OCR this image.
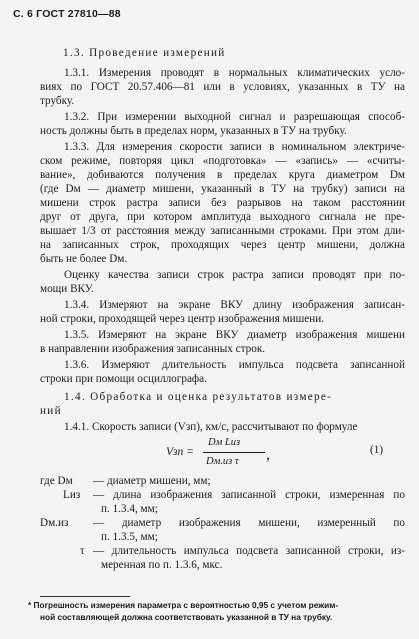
С. 6 ГОСТ 27810—88
1.3. Проведение измерений
1.3.1. Измерения проводят в нормальных климатических усло-
виях по ГОСТ 20.57.406—81 или в условиях, указанных в ТУ на
трубку.
1.3.2. При измерении выходной сигнал и разрешающая способ-
ность должны быть в пределах норм, указанных в ТУ на трубку.
1.3.3. Для измерения скорости записи в номинальном электриче-
ском режиме, повторяя цикл «подготовка» — «запись» — «считы-
вание», добиваются получения в пределах круга диаметром Dм
(где Dм — диаметр мишени, указанный в ТУ на трубку) записи на
мишени строк растра записи без разрывов на таком расстоянии
друг от друга, при котором амплитуда выходного сигнала не пре-
вышает 1/3 от расстояния между записанными строками. При этом дли-
на записанных строк, проходящих через центр мишени, должна
быть не более Dм.
Оценку качества записи строк растра записи проводят при по-
мощи ВКУ.
1.3.4. Измеряют на экране ВКУ длину изображения записан-
ной строки, проходящей через центр изображения мишени.
1.3.5. Измеряют на экране ВКУ диаметр изображения мишени
в направлении изображения записанных строк.
1.3.6. Измеряют длительность импульса подсвета записанной
строки при помощи осциллографа.
1.4. Обработка и оценка результатов измере-
ний
1.4.1. Скорость записи (Vзп), км/с, рассчитывают по формуле
Vзп =
Dм Lиз
Dм.из τ ,	(1)
где Dм — диаметр мишени, мм;
Lиз — длина изображения записанной строки, измеренная по
п. 1.3.4, мм;
Dм.из — диаметр изображения мишени, измеренный по
п. 1.3.5, мм;
τ — длительность импульса подсвета записанной строки, из-
меренная по п. 1.3.6, мкс.
* Погрешность измерения параметра с вероятностью 0,95 с учетом режим-
ной составляющей должна соответствовать указанной в ТУ на трубку.
